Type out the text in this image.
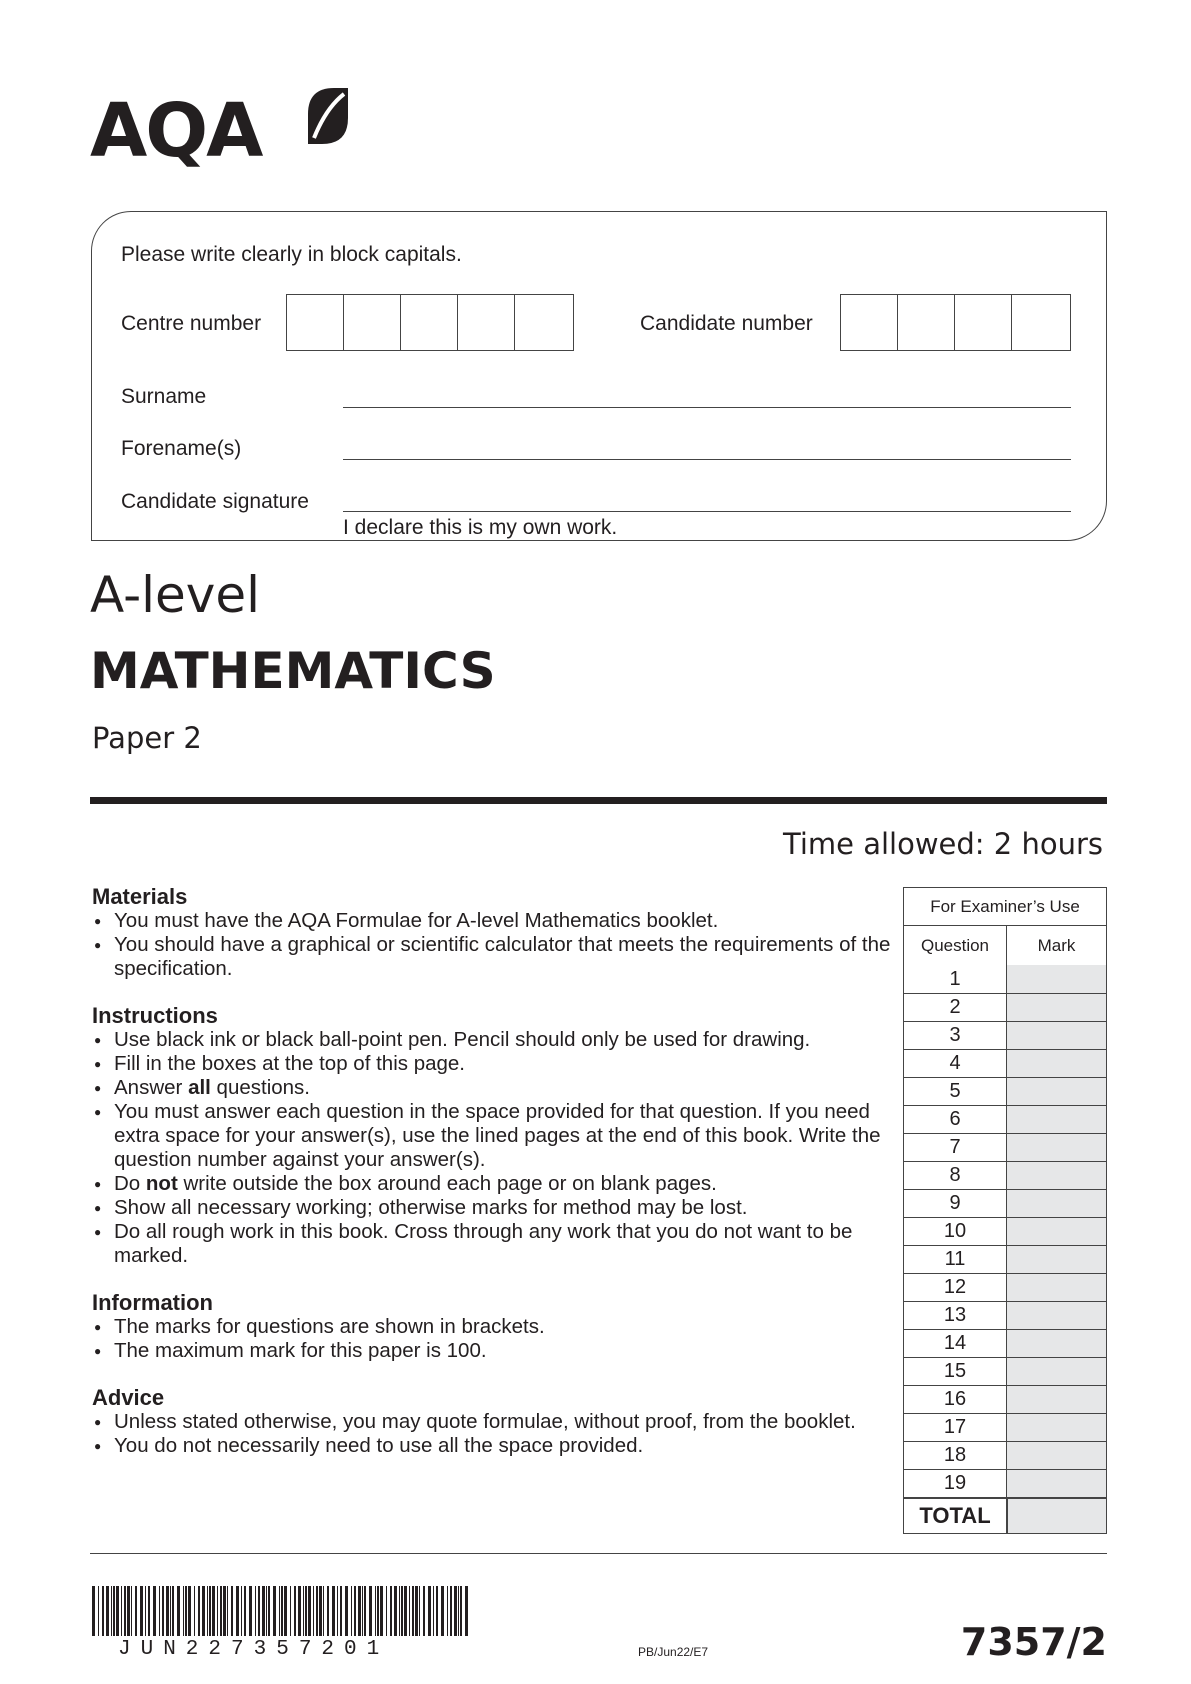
AQA
Please write clearly in block capitals.
Centre number	Candidate number
Surname
Forename(s)
Candidate signature
I declare this is my own work.
A-level
MATHEMATICS
Paper 2
Time allowed: 2 hours

Materials

● You must have the AQA Formulae for A-level Mathematics booklet.
● You should have a graphical or scientific calculator that meets the requirements of the specification.

Instructions

● Use black ink or black ball-point pen. Pencil should only be used for drawing.
● Fill in the boxes at the top of this page.
● Answer all questions.
● You must answer each question in the space provided for that question. If you need extra space for your answer(s), use the lined pages at the end of this book. Write the question number against your answer(s).
● Do not write outside the box around each page or on blank pages.
● Show all necessary working; otherwise marks for method may be lost.
● Do all rough work in this book. Cross through any work that you do not want to be marked.

Information

● The marks for questions are shown in brackets.
● The maximum mark for this paper is 100.

Advice

● Unless stated otherwise, you may quote formulae, without proof, from the booklet.
● You do not necessarily need to use all the space provided.
For Examiner’s Use
Question	Mark
1
2
3
4
5
6
7
8
9
10
11
12
13
14
15
16
17
18
19
TOTAL
JUN227357201	PB/Jun22/E7	7357/2
